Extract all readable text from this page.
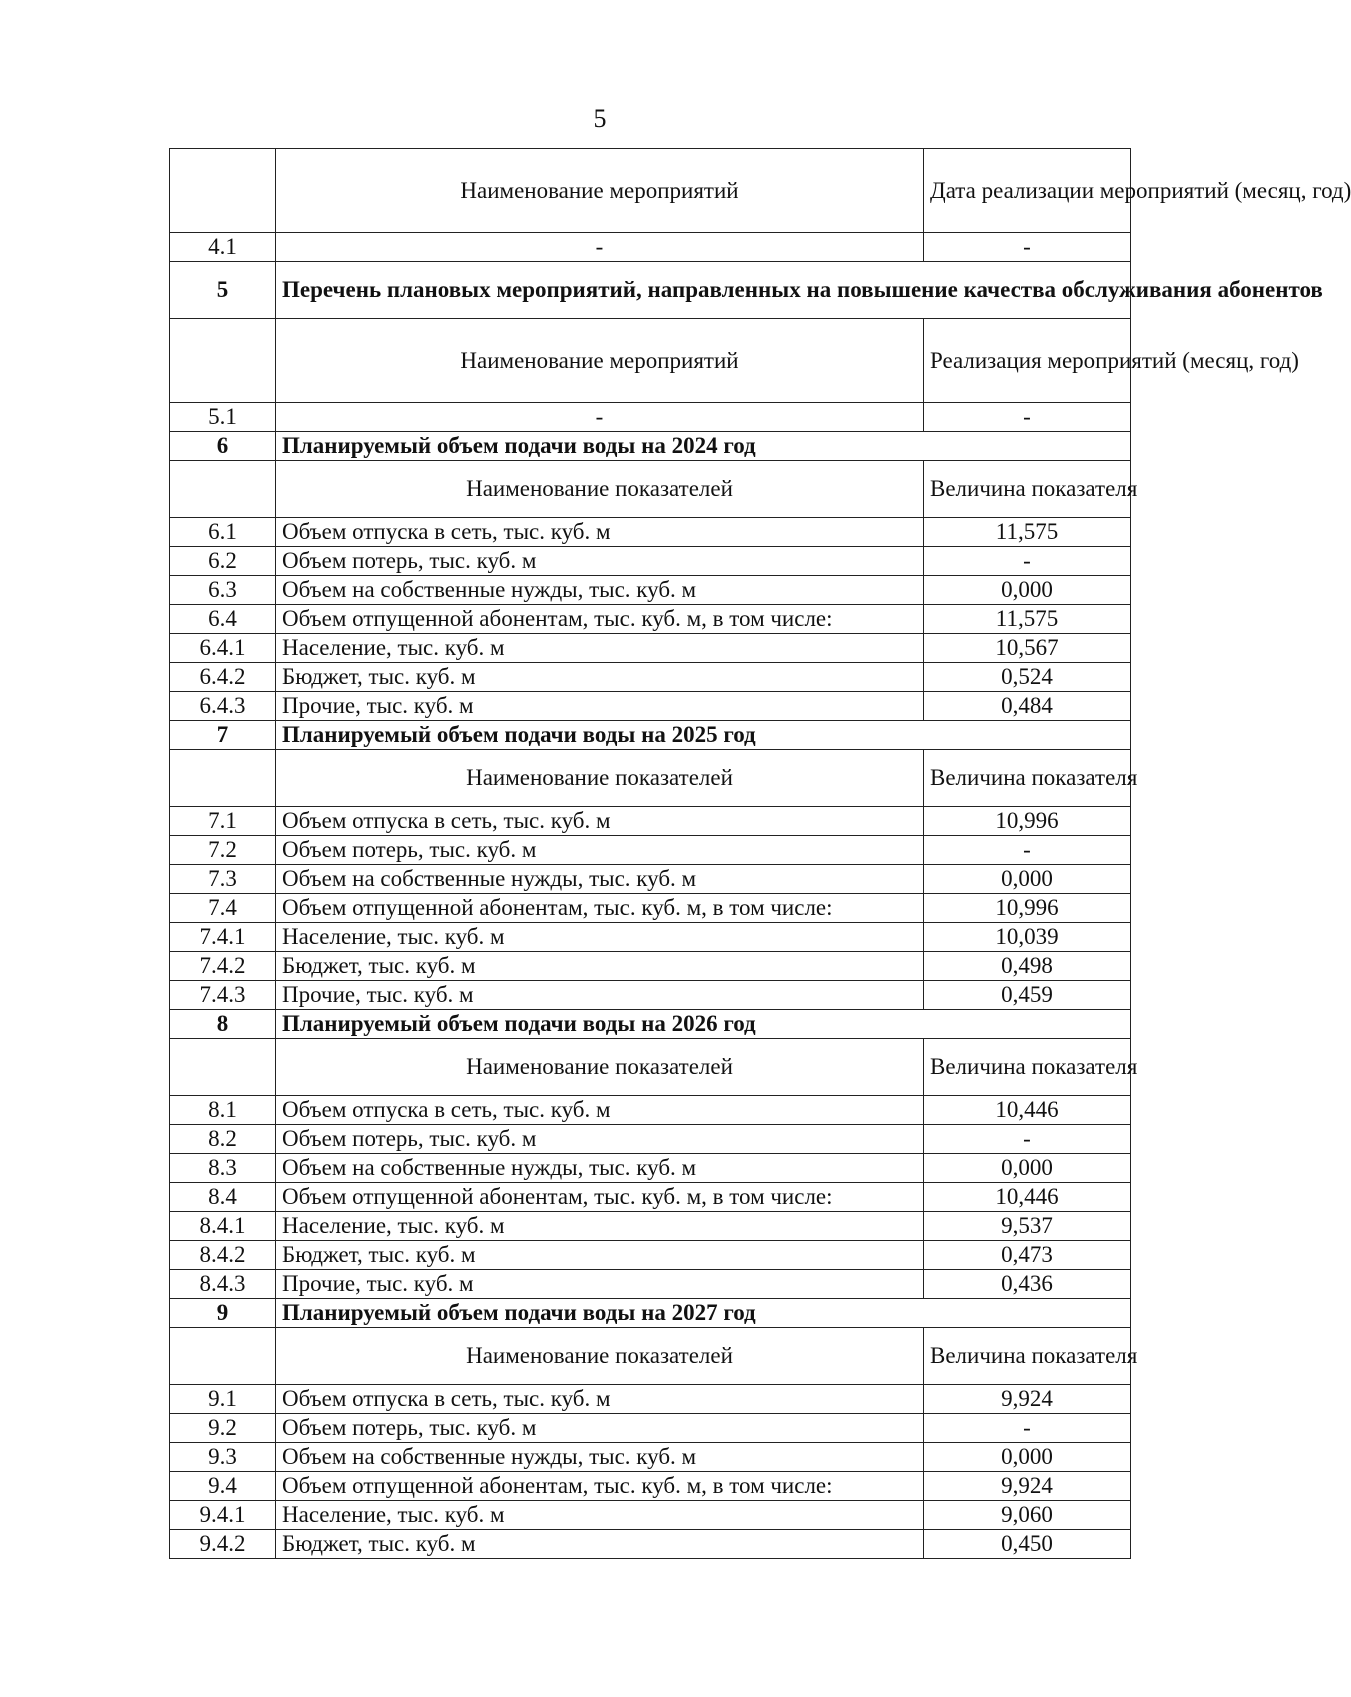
5
	Наименование мероприятий	Дата реализации мероприятий (месяц, год)
4.1	-	-
5	Перечень плановых мероприятий, направленных на повышение качества обслуживания абонентов	
	Наименование мероприятий	Реализация мероприятий (месяц, год)
5.1	-	-
6	Планируемый объем подачи воды на 2024 год	
	Наименование показателей	Величина показателя
6.1	Объем отпуска в сеть, тыс. куб. м	11,575
6.2	Объем потерь, тыс. куб. м	-
6.3	Объем на собственные нужды, тыс. куб. м	0,000
6.4	Объем отпущенной абонентам, тыс. куб. м, в том числе:	11,575
6.4.1	Население, тыс. куб. м	10,567
6.4.2	Бюджет, тыс. куб. м	0,524
6.4.3	Прочие, тыс. куб. м	0,484
7	Планируемый объем подачи воды на 2025 год	
	Наименование показателей	Величина показателя
7.1	Объем отпуска в сеть, тыс. куб. м	10,996
7.2	Объем потерь, тыс. куб. м	-
7.3	Объем на собственные нужды, тыс. куб. м	0,000
7.4	Объем отпущенной абонентам, тыс. куб. м, в том числе:	10,996
7.4.1	Население, тыс. куб. м	10,039
7.4.2	Бюджет, тыс. куб. м	0,498
7.4.3	Прочие, тыс. куб. м	0,459
8	Планируемый объем подачи воды на 2026 год	
	Наименование показателей	Величина показателя
8.1	Объем отпуска в сеть, тыс. куб. м	10,446
8.2	Объем потерь, тыс. куб. м	-
8.3	Объем на собственные нужды, тыс. куб. м	0,000
8.4	Объем отпущенной абонентам, тыс. куб. м, в том числе:	10,446
8.4.1	Население, тыс. куб. м	9,537
8.4.2	Бюджет, тыс. куб. м	0,473
8.4.3	Прочие, тыс. куб. м	0,436
9	Планируемый объем подачи воды на 2027 год	
	Наименование показателей	Величина показателя
9.1	Объем отпуска в сеть, тыс. куб. м	9,924
9.2	Объем потерь, тыс. куб. м	-
9.3	Объем на собственные нужды, тыс. куб. м	0,000
9.4	Объем отпущенной абонентам, тыс. куб. м, в том числе:	9,924
9.4.1	Население, тыс. куб. м	9,060
9.4.2	Бюджет, тыс. куб. м	0,450
